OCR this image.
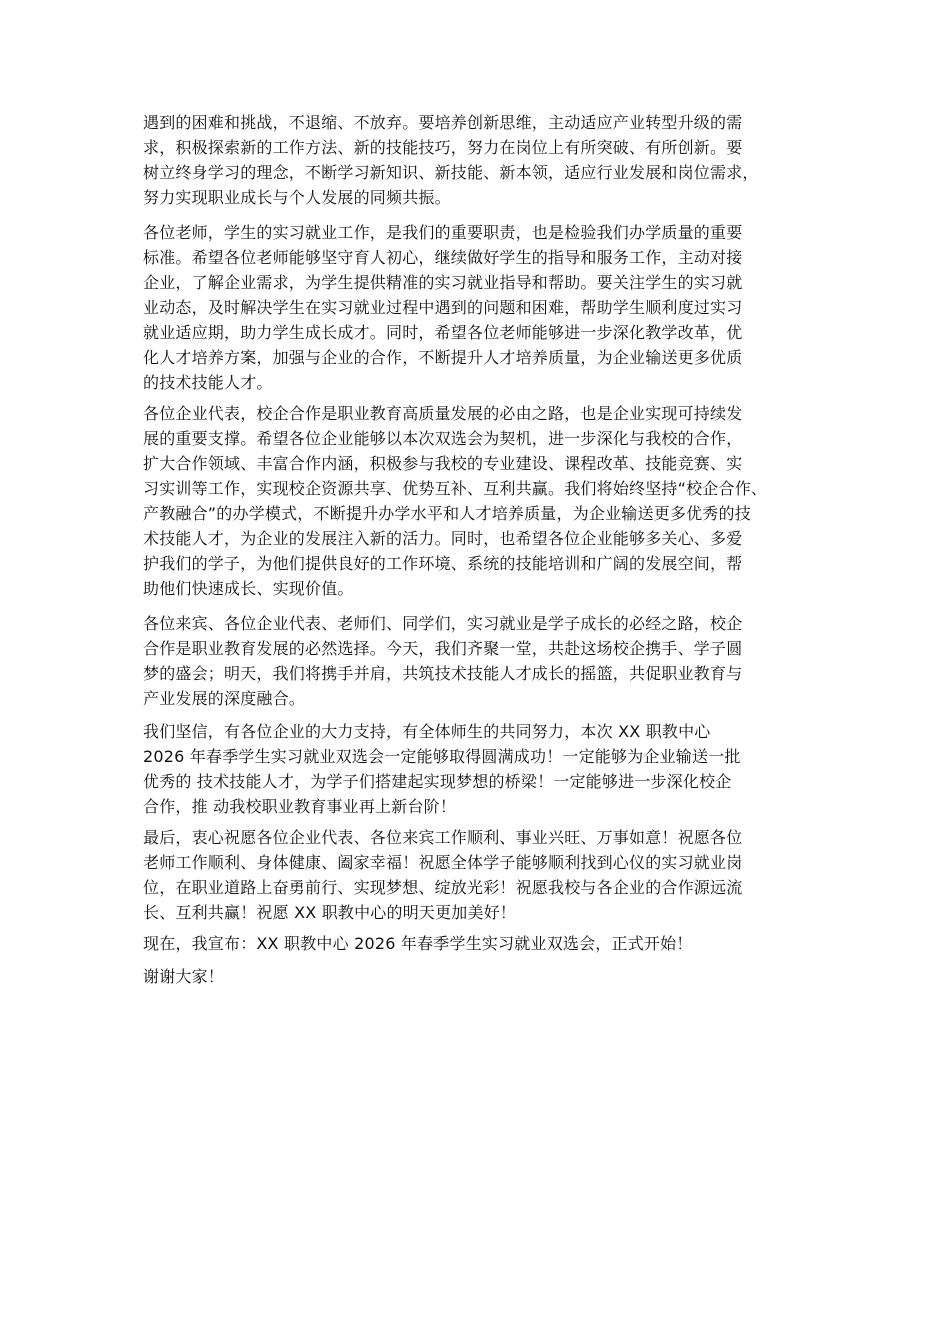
遇到的困难和挑战，不退缩、不放弃。要培养创新思维，主动适应产业转型升级的需
求，积极探索新的工作方法、新的技能技巧，努力在岗位上有所突破、有所创新。要
树立终身学习的理念，不断学习新知识、新技能、新本领，适应行业发展和岗位需求，
努力实现职业成长与个人发展的同频共振。
各位老师，学生的实习就业工作，是我们的重要职责，也是检验我们办学质量的重要
标准。希望各位老师能够坚守育人初心，继续做好学生的指导和服务工作，主动对接
企业，了解企业需求，为学生提供精准的实习就业指导和帮助。要关注学生的实习就
业动态，及时解决学生在实习就业过程中遇到的问题和困难，帮助学生顺利度过实习
就业适应期，助力学生成长成才。同时，希望各位老师能够进一步深化教学改革，优
化人才培养方案，加强与企业的合作，不断提升人才培养质量，为企业输送更多优质
的技术技能人才。
各位企业代表，校企合作是职业教育高质量发展的必由之路，也是企业实现可持续发
展的重要支撑。希望各位企业能够以本次双选会为契机，进一步深化与我校的合作，
扩大合作领域、丰富合作内涵，积极参与我校的专业建设、课程改革、技能竞赛、实
习实训等工作，实现校企资源共享、优势互补、互利共赢。我们将始终坚持“校企合作、
产教融合”的办学模式，不断提升办学水平和人才培养质量，为企业输送更多优秀的技
术技能人才，为企业的发展注入新的活力。同时，也希望各位企业能够多关心、多爱
护我们的学子，为他们提供良好的工作环境、系统的技能培训和广阔的发展空间，帮
助他们快速成长、实现价值。
各位来宾、各位企业代表、老师们、同学们，实习就业是学子成长的必经之路，校企
合作是职业教育发展的必然选择。今天，我们齐聚一堂，共赴这场校企携手、学子圆
梦的盛会；明天，我们将携手并肩，共筑技术技能人才成长的摇篮，共促职业教育与
产业发展的深度融合。
我们坚信，有各位企业的大力支持，有全体师生的共同努力，本次 XX 职教中心
2026 年春季学生实习就业双选会一定能够取得圆满成功！一定能够为企业输送一批
优秀的 技术技能人才，为学子们搭建起实现梦想的桥梁！一定能够进一步深化校企
合作，推 动我校职业教育事业再上新台阶！
最后，衷心祝愿各位企业代表、各位来宾工作顺利、事业兴旺、万事如意！祝愿各位
老师工作顺利、身体健康、阖家幸福！祝愿全体学子能够顺利找到心仪的实习就业岗
位，在职业道路上奋勇前行、实现梦想、绽放光彩！祝愿我校与各企业的合作源远流
长、互利共赢！祝愿 XX 职教中心的明天更加美好！
现在，我宣布：XX 职教中心 2026 年春季学生实习就业双选会，正式开始！
谢谢大家！
